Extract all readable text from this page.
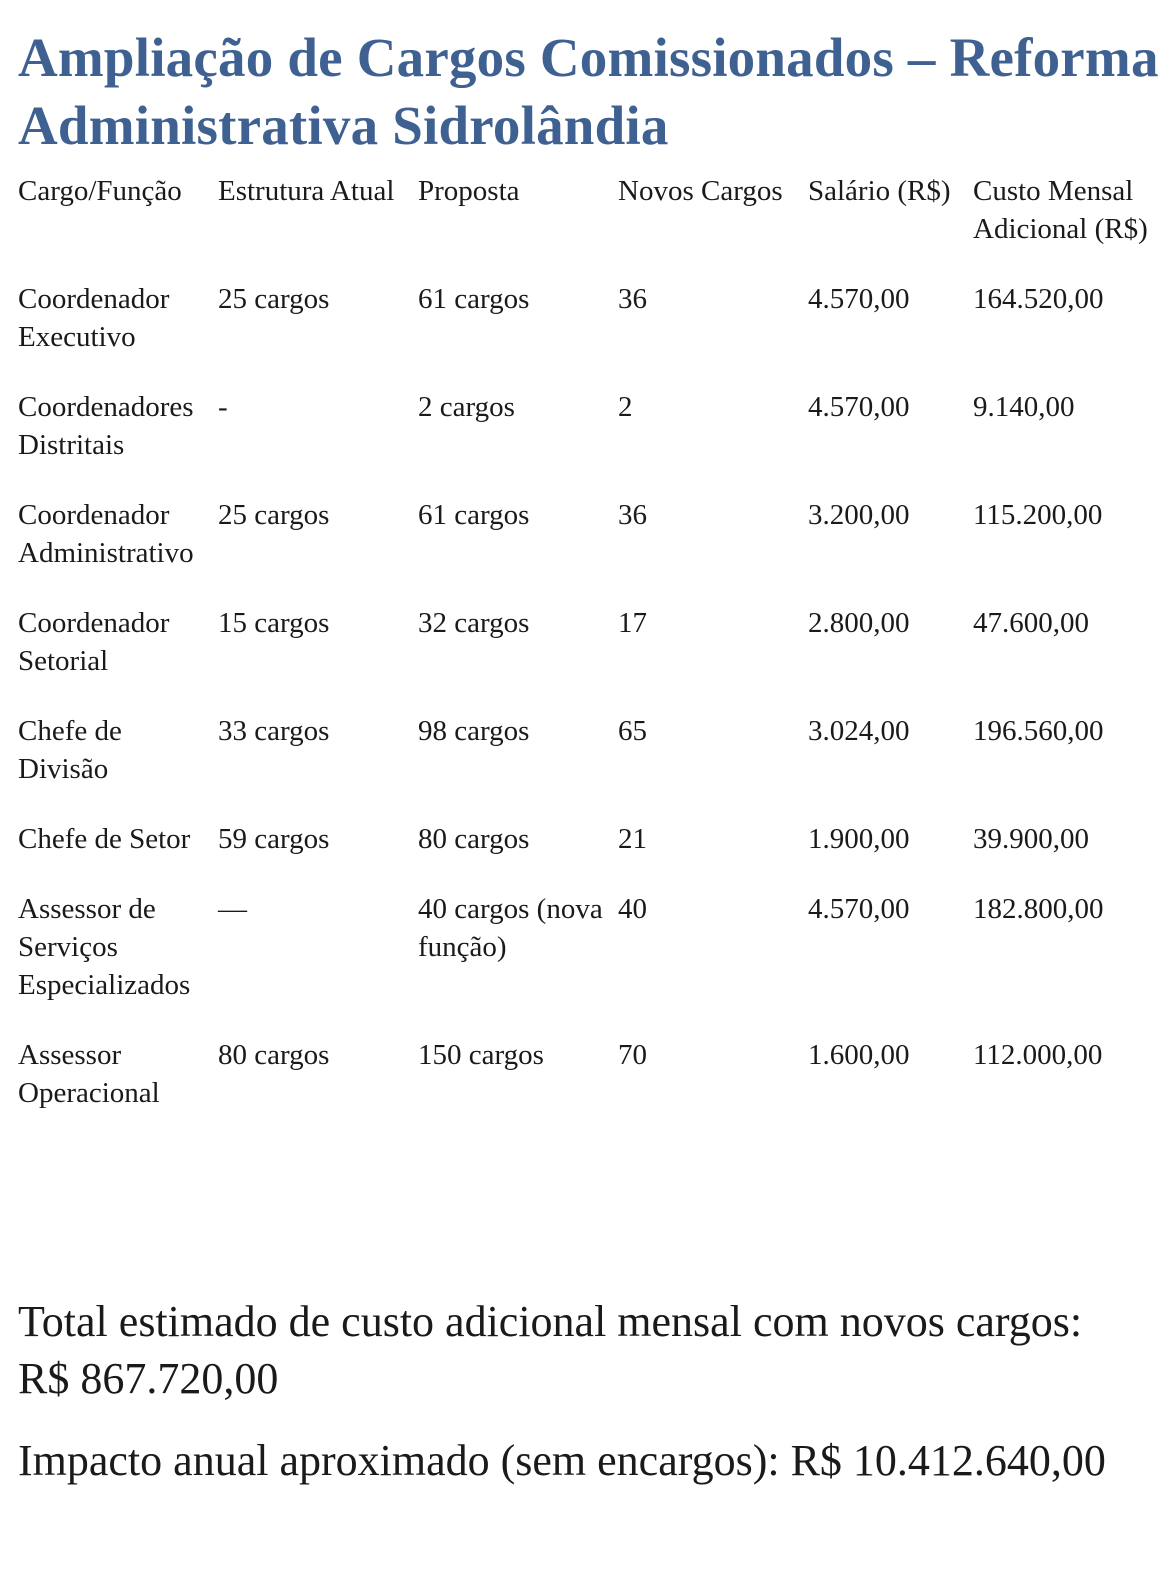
Ampliação de Cargos Comissionados – Reforma Administrativa Sidrolândia
Cargo/Função	Estrutura Atual	Proposta	Novos Cargos	Salário (R$)	Custo Mensal Adicional (R$)
Coordenador Executivo	25 cargos	61 cargos	36	4.570,00	164.520,00
Coordenadores Distritais	-	2 cargos	2	4.570,00	9.140,00
Coordenador Administrativo	25 cargos	61 cargos	36	3.200,00	115.200,00
Coordenador Setorial	15 cargos	32 cargos	17	2.800,00	47.600,00
Chefe de Divisão	33 cargos	98 cargos	65	3.024,00	196.560,00
Chefe de Setor	59 cargos	80 cargos	21	1.900,00	39.900,00
Assessor de Serviços Especializados	—	40 cargos (nova função)	40	4.570,00	182.800,00
Assessor Operacional	80 cargos	150 cargos	70	1.600,00	112.000,00

Total estimado de custo adicional mensal com novos cargos: R$ 867.720,00

Impacto anual aproximado (sem encargos): R$ 10.412.640,00
